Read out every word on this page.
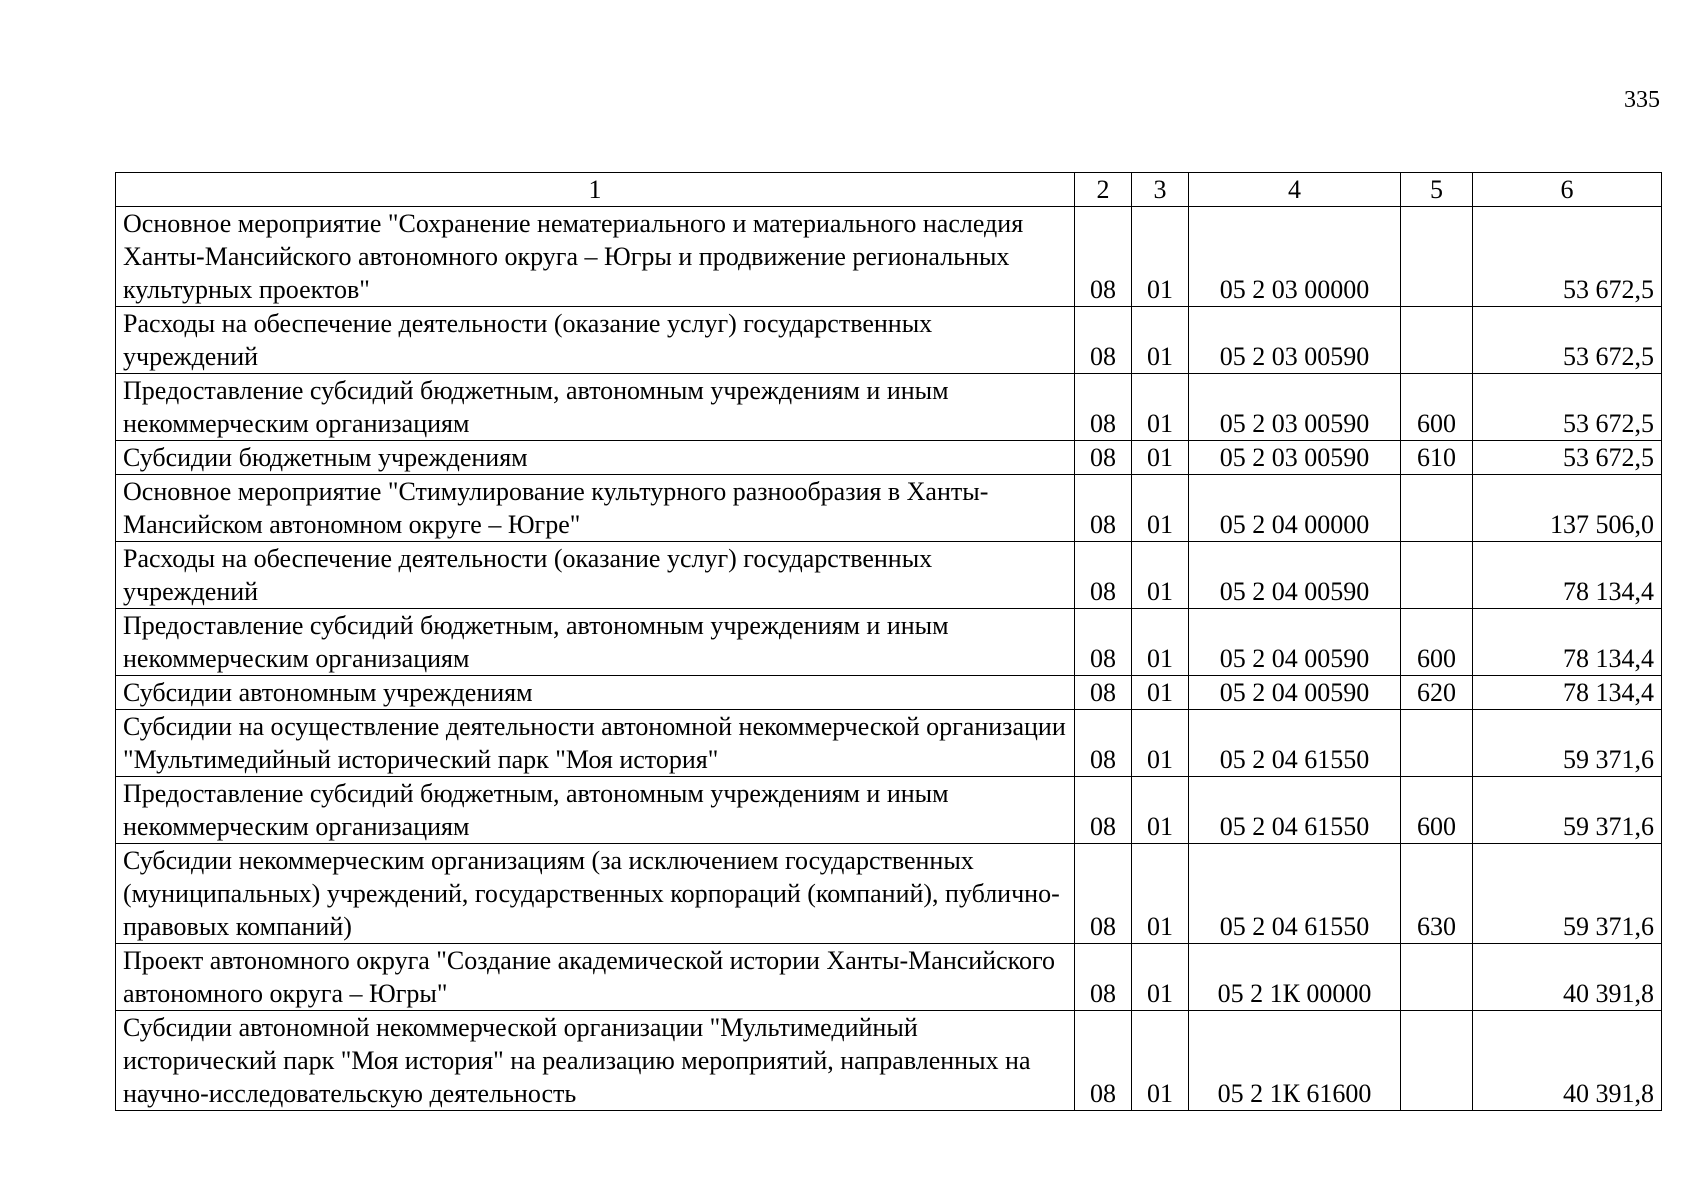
335
1	2	3	4	5	6
Основное мероприятие "Сохранение нематериального и материального наследия Ханты-Мансийского автономного округа – Югры и продвижение региональных культурных проектов"	08	01	05 2 03 00000		53 672,5
Расходы на обеспечение деятельности (оказание услуг) государственных учреждений	08	01	05 2 03 00590		53 672,5
Предоставление субсидий бюджетным, автономным учреждениям и иным некоммерческим организациям	08	01	05 2 03 00590	600	53 672,5
Субсидии бюджетным учреждениям	08	01	05 2 03 00590	610	53 672,5
Основное мероприятие "Стимулирование культурного разнообразия в Ханты-Мансийском автономном округе – Югре"	08	01	05 2 04 00000		137 506,0
Расходы на обеспечение деятельности (оказание услуг) государственных учреждений	08	01	05 2 04 00590		78 134,4
Предоставление субсидий бюджетным, автономным учреждениям и иным некоммерческим организациям	08	01	05 2 04 00590	600	78 134,4
Субсидии автономным учреждениям	08	01	05 2 04 00590	620	78 134,4
Субсидии на осуществление деятельности автономной некоммерческой организации "Мультимедийный исторический парк "Моя история"	08	01	05 2 04 61550		59 371,6
Предоставление субсидий бюджетным, автономным учреждениям и иным некоммерческим организациям	08	01	05 2 04 61550	600	59 371,6
Субсидии некоммерческим организациям (за исключением государственных (муниципальных) учреждений, государственных корпораций (компаний), публично-правовых компаний)	08	01	05 2 04 61550	630	59 371,6
Проект автономного округа "Создание академической истории Ханты-Мансийского автономного округа – Югры"	08	01	05 2 1К 00000		40 391,8
Субсидии автономной некоммерческой организации "Мультимедийный исторический парк "Моя история" на реализацию мероприятий, направленных на научно-исследовательскую деятельность	08	01	05 2 1К 61600		40 391,8
